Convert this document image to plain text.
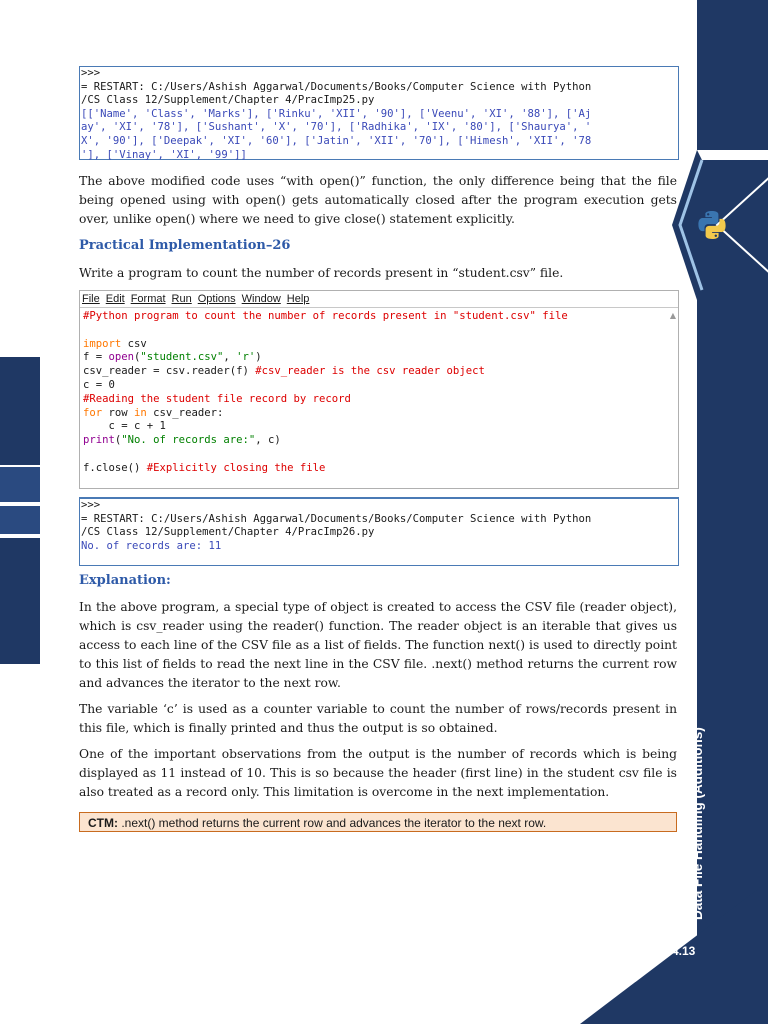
Data File Handling (Additions)
4.13
>>>
= RESTART: C:/Users/Ashish Aggarwal/Documents/Books/Computer Science with Python
/CS Class 12/Supplement/Chapter 4/PracImp25.py
[['Name', 'Class', 'Marks'], ['Rinku', 'XII', '90'], ['Veenu', 'XI', '88'], ['Aj
ay', 'XI', '78'], ['Sushant', 'X', '70'], ['Radhika', 'IX', '80'], ['Shaurya', '
X', '90'], ['Deepak', 'XI', '60'], ['Jatin', 'XII', '70'], ['Himesh', 'XII', '78
'], ['Vinay', 'XI', '99']]

The above modified code uses “with open()” function, the only difference being that the file being opened using with open() gets automatically closed after the program execution gets over, unlike open() where we need to give close() statement explicitly.

Practical Implementation–26

Write a program to count the number of records present in “student.csv” file.

File Edit Format Run Options Window Help
#Python program to count the number of records present in "student.csv" file
import csv
f = open("student.csv", 'r')
csv_reader = csv.reader(f) #csv_reader is the csv reader object
c = 0
#Reading the student file record by record
for row in csv_reader:
c = c + 1
print("No. of records are:", c)
f.close() #Explicitly closing the file
▲
>>>
= RESTART: C:/Users/Ashish Aggarwal/Documents/Books/Computer Science with Python
/CS Class 12/Supplement/Chapter 4/PracImp26.py
No. of records are: 11
Explanation:

In the above program, a special type of object is created to access the CSV file (reader object), which is csv_reader using the reader() function. The reader object is an iterable that gives us access to each line of the CSV file as a list of fields. The function next() is used to directly point to this list of fields to read the next line in the CSV file. .next() method returns the current row and advances the iterator to the next row.

The variable ‘c’ is used as a counter variable to count the number of rows/records present in this file, which is finally printed and thus the output is so obtained.

One of the important observations from the output is the number of records which is being displayed as 11 instead of 10. This is so because the header (first line) in the student csv file is also treated as a record only. This limitation is overcome in the next implementation.

CTM: .next() method returns the current row and advances the iterator to the next row.
